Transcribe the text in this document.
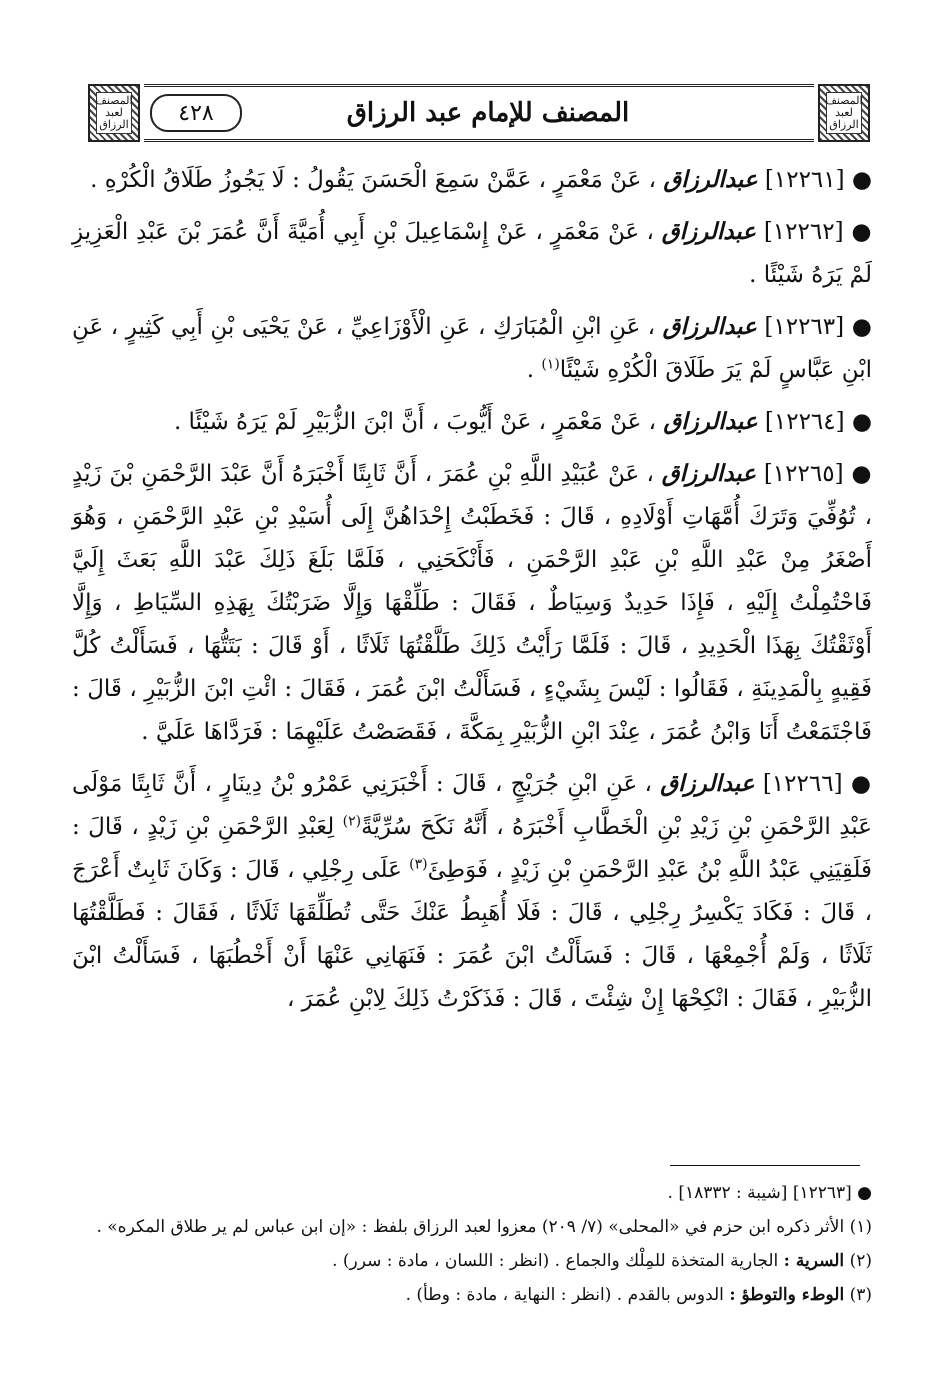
المصنف لعبد الرزاق	٤٢٨	المصنف للإمام عبد الرزاق	المصنف لعبد الرزاق

● [١٢٢٦١] عبدالرزاق ، عَنْ مَعْمَرٍ ، عَمَّنْ سَمِعَ الْحَسَنَ يَقُولُ : لَا يَجُوزُ طَلَاقُ الْكُرْهِ .

● [١٢٢٦٢] عبدالرزاق ، عَنْ مَعْمَرٍ ، عَنْ إِسْمَاعِيلَ بْنِ أَبِي أُمَيَّةَ أَنَّ عُمَرَ بْنَ عَبْدِ الْعَزِيزِ لَمْ يَرَهُ شَيْئًا .

● [١٢٢٦٣] عبدالرزاق ، عَنِ ابْنِ الْمُبَارَكِ ، عَنِ الْأَوْزَاعِيِّ ، عَنْ يَحْيَى بْنِ أَبِي كَثِيرٍ ، عَنِ ابْنِ عَبَّاسٍ لَمْ يَرَ طَلَاقَ الْكُرْهِ شَيْئًا$^{(١)}$ .

● [١٢٢٦٤] عبدالرزاق ، عَنْ مَعْمَرٍ ، عَنْ أَيُّوبَ ، أَنَّ ابْنَ الزُّبَيْرِ لَمْ يَرَهُ شَيْئًا .

● [١٢٢٦٥] عبدالرزاق ، عَنْ عُبَيْدِ اللَّهِ بْنِ عُمَرَ ، أَنَّ ثَابِتًا أَخْبَرَهُ أَنَّ عَبْدَ الرَّحْمَنِ بْنَ زَيْدٍ ، تُوُفِّيَ وَتَرَكَ أُمَّهَاتِ أَوْلَادِهِ ، قَالَ : فَخَطَبْتُ إِحْدَاهُنَّ إِلَى أُسَيْدِ بْنِ عَبْدِ الرَّحْمَنِ ، وَهُوَ أَصْغَرُ مِنْ عَبْدِ اللَّهِ بْنِ عَبْدِ الرَّحْمَنِ ، فَأَنْكَحَنِي ، فَلَمَّا بَلَغَ ذَلِكَ عَبْدَ اللَّهِ بَعَثَ إِلَيَّ فَاحْتُمِلْتُ إِلَيْهِ ، فَإِذَا حَدِيدٌ وَسِيَاطٌ ، فَقَالَ : طَلِّقْهَا وَإِلَّا ضَرَبْتُكَ بِهَذِهِ السِّيَاطِ ، وَإِلَّا أَوْثَقْتُكَ بِهَذَا الْحَدِيدِ ، قَالَ : فَلَمَّا رَأَيْتُ ذَلِكَ طَلَّقْتُهَا ثَلَاثًا ، أَوْ قَالَ : بَتَتُّهَا ، فَسَأَلْتُ كُلَّ فَقِيهٍ بِالْمَدِينَةِ ، فَقَالُوا : لَيْسَ بِشَيْءٍ ، فَسَأَلْتُ ابْنَ عُمَرَ ، فَقَالَ : ائْتِ ابْنَ الزُّبَيْرِ ، قَالَ : فَاجْتَمَعْتُ أَنَا وَابْنُ عُمَرَ ، عِنْدَ ابْنِ الزُّبَيْرِ بِمَكَّةَ ، فَقَصَصْتُ عَلَيْهِمَا : فَرَدَّاهَا عَلَيَّ .

● [١٢٢٦٦] عبدالرزاق ، عَنِ ابْنِ جُرَيْجٍ ، قَالَ : أَخْبَرَنِي عَمْرُو بْنُ دِينَارٍ ، أَنَّ ثَابِتًا مَوْلَى عَبْدِ الرَّحْمَنِ بْنِ زَيْدِ بْنِ الْخَطَّابِ أَخْبَرَهُ ، أَنَّهُ نَكَحَ سُرِّيَّةً$^{(٢)}$ لِعَبْدِ الرَّحْمَنِ بْنِ زَيْدٍ ، قَالَ : فَلَقِيَنِي عَبْدُ اللَّهِ بْنُ عَبْدِ الرَّحْمَنِ بْنِ زَيْدٍ ، فَوَطِئَ$^{(٣)}$ عَلَى رِجْلِي ، قَالَ : وَكَانَ ثَابِتٌ أَعْرَجَ ، قَالَ : فَكَادَ يَكْسِرُ رِجْلِي ، قَالَ : فَلَا أُهَبِطُ عَنْكَ حَتَّى تُطَلِّقَهَا ثَلَاثًا ، فَقَالَ : فَطَلَّقْتُهَا ثَلَاثًا ، وَلَمْ أُجْمِعْهَا ، قَالَ : فَسَأَلْتُ ابْنَ عُمَرَ : فَنَهَانِي عَنْهَا أَنْ أَخْطُبَهَا ، فَسَأَلْتُ ابْنَ الزُّبَيْرِ ، فَقَالَ : انْكِحْهَا إِنْ شِئْتَ ، قَالَ : فَذَكَرْتُ ذَلِكَ لِابْنِ عُمَرَ ،

● [١٢٢٦٣] [شيبة : ١٨٣٣٢] .

(١) الأثر ذكره ابن حزم في «المحلى» (٧/ ٢٠٩) معزوا لعبد الرزاق بلفظ : «إن ابن عباس لم ير طلاق المكره» .

(٢) السرية : الجارية المتخذة للمِلْك والجماع . (انظر : اللسان ، مادة : سرر) .

(٣) الوطء والتوطؤ : الدوس بالقدم . (انظر : النهاية ، مادة : وطأ) .
